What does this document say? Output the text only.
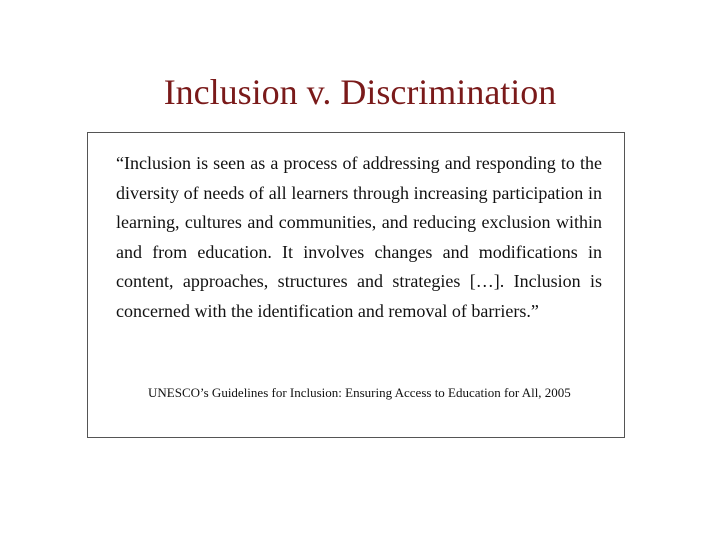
Inclusion v. Discrimination

“Inclusion is seen as a process of addressing and responding to the diversity of needs of all learners through increasing participation in learning, cultures and communities, and reducing exclusion within and from education. It involves changes and modifications in content, approaches, structures and strategies […]. Inclusion is concerned with the identification and removal of barriers.”

UNESCO’s Guidelines for Inclusion: Ensuring Access to Education for All, 2005
